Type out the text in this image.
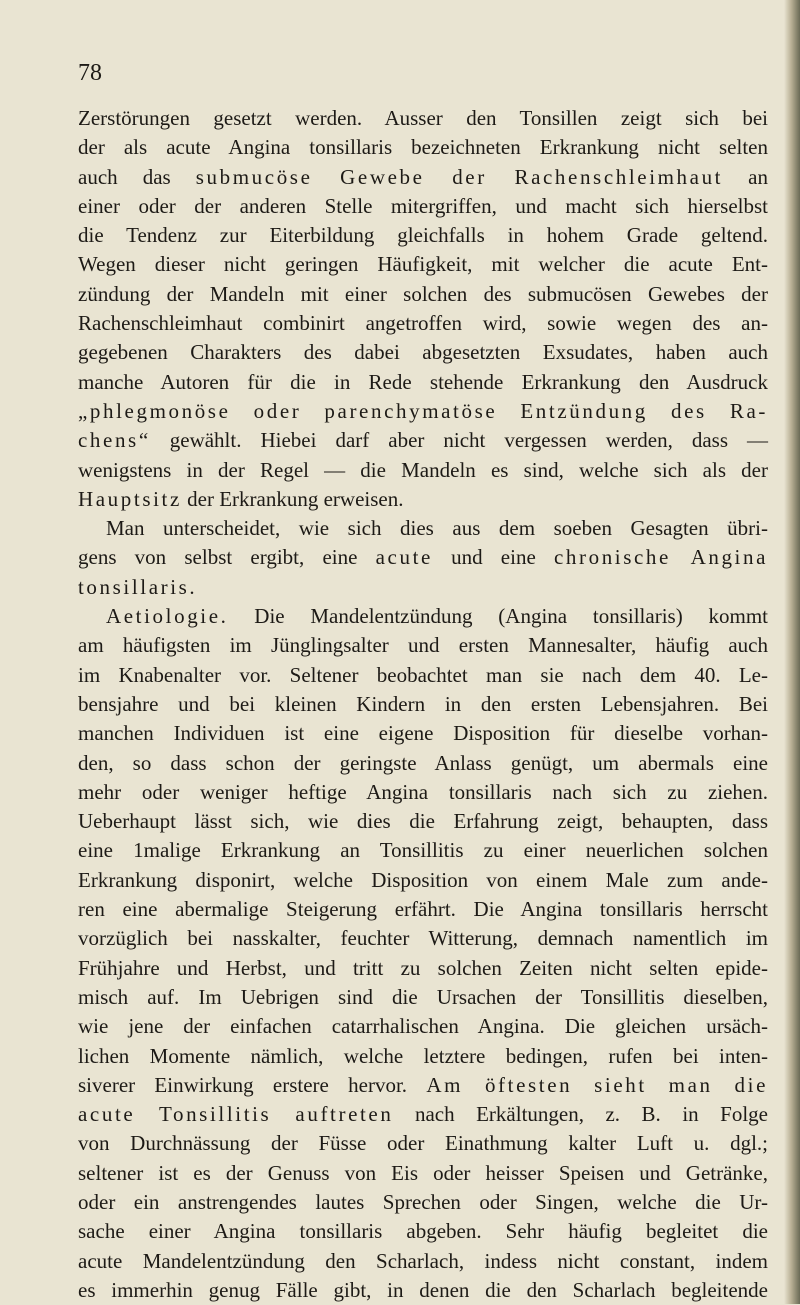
78
Zerstörungen gesetzt werden. Ausser den Tonsillen zeigt sich bei
der als acute Angina tonsillaris bezeichneten Erkrankung nicht selten
auch das submucöse Gewebe der Rachenschleimhaut an
einer oder der anderen Stelle mitergriffen, und macht sich hierselbst
die Tendenz zur Eiterbildung gleichfalls in hohem Grade geltend.
Wegen dieser nicht geringen Häufigkeit, mit welcher die acute Ent-
zündung der Mandeln mit einer solchen des submucösen Gewebes der
Rachenschleimhaut combinirt angetroffen wird, sowie wegen des an-
gegebenen Charakters des dabei abgesetzten Exsudates, haben auch
manche Autoren für die in Rede stehende Erkrankung den Ausdruck
„phlegmonöse oder parenchymatöse Entzündung des Ra-
chens“ gewählt. Hiebei darf aber nicht vergessen werden, dass —
wenigstens in der Regel — die Mandeln es sind, welche sich als der
Hauptsitz der Erkrankung erweisen.
Man unterscheidet, wie sich dies aus dem soeben Gesagten übri-
gens von selbst ergibt, eine acute und eine chronische Angina
tonsillaris.
Aetiologie. Die Mandelentzündung (Angina tonsillaris) kommt
am häufigsten im Jünglingsalter und ersten Mannesalter, häufig auch
im Knabenalter vor. Seltener beobachtet man sie nach dem 40. Le-
bensjahre und bei kleinen Kindern in den ersten Lebensjahren. Bei
manchen Individuen ist eine eigene Disposition für dieselbe vorhan-
den, so dass schon der geringste Anlass genügt, um abermals eine
mehr oder weniger heftige Angina tonsillaris nach sich zu ziehen.
Ueberhaupt lässt sich, wie dies die Erfahrung zeigt, behaupten, dass
eine 1malige Erkrankung an Tonsillitis zu einer neuerlichen solchen
Erkrankung disponirt, welche Disposition von einem Male zum ande-
ren eine abermalige Steigerung erfährt. Die Angina tonsillaris herrscht
vorzüglich bei nasskalter, feuchter Witterung, demnach namentlich im
Frühjahre und Herbst, und tritt zu solchen Zeiten nicht selten epide-
misch auf. Im Uebrigen sind die Ursachen der Tonsillitis dieselben,
wie jene der einfachen catarrhalischen Angina. Die gleichen ursäch-
lichen Momente nämlich, welche letztere bedingen, rufen bei inten-
siverer Einwirkung erstere hervor. Am öftesten sieht man die
acute Tonsillitis auftreten nach Erkältungen, z. B. in Folge
von Durchnässung der Füsse oder Einathmung kalter Luft u. dgl.;
seltener ist es der Genuss von Eis oder heisser Speisen und Getränke,
oder ein anstrengendes lautes Sprechen oder Singen, welche die Ur-
sache einer Angina tonsillaris abgeben. Sehr häufig begleitet die
acute Mandelentzündung den Scharlach, indess nicht constant, indem
es immerhin genug Fälle gibt, in denen die den Scharlach begleitende
